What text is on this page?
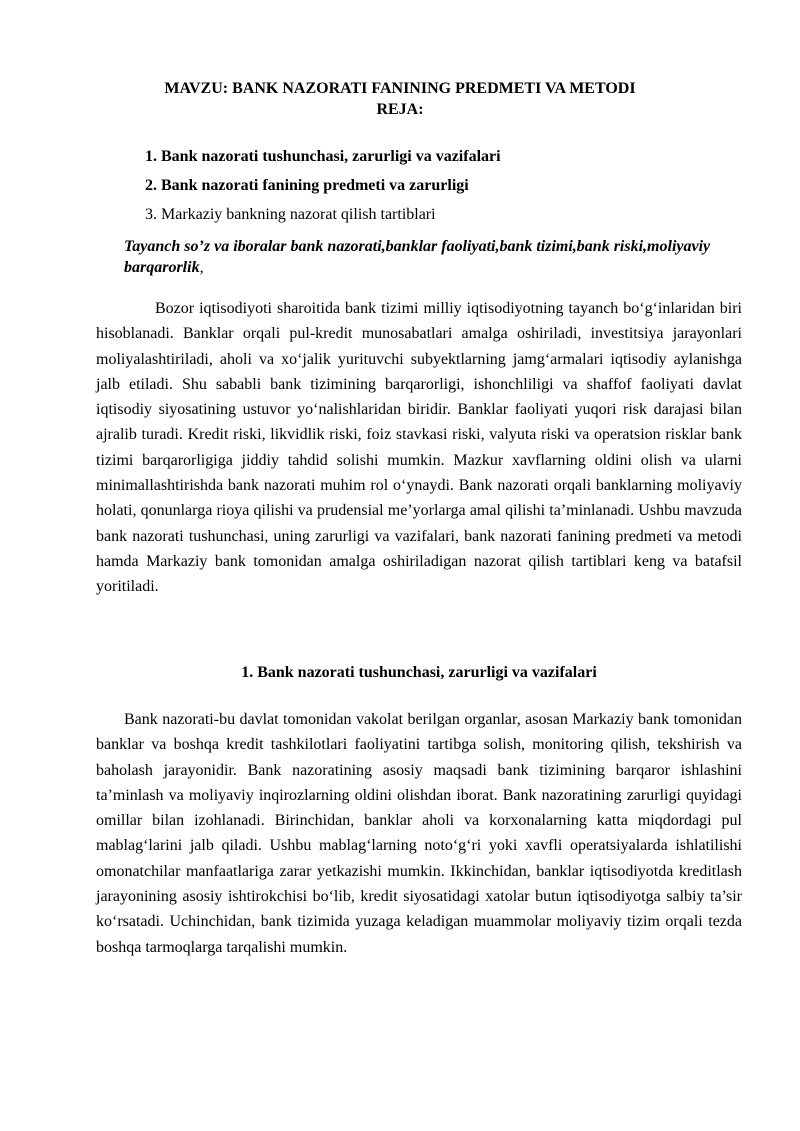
MAVZU: BANK NAZORATI FANINING PREDMETI VA METODI
REJA:
1. Bank nazorati tushunchasi, zarurligi va vazifalari
2. Bank nazorati fanining predmeti va zarurligi
3. Markaziy bankning nazorat qilish tartiblari

Tayanch so’z va iboralar bank nazorati,banklar faoliyati,bank tizimi,bank riski,moliyaviy barqarorlik,

Bozor iqtisodiyoti sharoitida bank tizimi milliy iqtisodiyotning tayanch bo‘g‘inlaridan biri hisoblanadi. Banklar orqali pul-kredit munosabatlari amalga oshiriladi, investitsiya jarayonlari moliyalashtiriladi, aholi va xo‘jalik yurituvchi subyektlarning jamg‘armalari iqtisodiy aylanishga jalb etiladi. Shu sababli bank tizimining barqarorligi, ishonchliligi va shaffof faoliyati davlat iqtisodiy siyosatining ustuvor yo‘nalishlaridan biridir. Banklar faoliyati yuqori risk darajasi bilan ajralib turadi. Kredit riski, likvidlik riski, foiz stavkasi riski, valyuta riski va operatsion risklar bank tizimi barqarorligiga jiddiy tahdid solishi mumkin. Mazkur xavflarning oldini olish va ularni minimallashtirishda bank nazorati muhim rol o‘ynaydi. Bank nazorati orqali banklarning moliyaviy holati, qonunlarga rioya qilishi va prudensial me’yorlarga amal qilishi ta’minlanadi. Ushbu mavzuda bank nazorati tushunchasi, uning zarurligi va vazifalari, bank nazorati fanining predmeti va metodi hamda Markaziy bank tomonidan amalga oshiriladigan nazorat qilish tartiblari keng va batafsil yoritiladi.

1. Bank nazorati tushunchasi, zarurligi va vazifalari

Bank nazorati-bu davlat tomonidan vakolat berilgan organlar, asosan Markaziy bank tomonidan banklar va boshqa kredit tashkilotlari faoliyatini tartibga solish, monitoring qilish, tekshirish va baholash jarayonidir. Bank nazoratining asosiy maqsadi bank tizimining barqaror ishlashini ta’minlash va moliyaviy inqirozlarning oldini olishdan iborat. Bank nazoratining zarurligi quyidagi omillar bilan izohlanadi. Birinchidan, banklar aholi va korxonalarning katta miqdordagi pul mablag‘larini jalb qiladi. Ushbu mablag‘larning noto‘g‘ri yoki xavfli operatsiyalarda ishlatilishi omonatchilar manfaatlariga zarar yetkazishi mumkin. Ikkinchidan, banklar iqtisodiyotda kreditlash jarayonining asosiy ishtirokchisi bo‘lib, kredit siyosatidagi xatolar butun iqtisodiyotga salbiy ta’sir ko‘rsatadi. Uchinchidan, bank tizimida yuzaga keladigan muammolar moliyaviy tizim orqali tezda boshqa tarmoqlarga tarqalishi mumkin.
